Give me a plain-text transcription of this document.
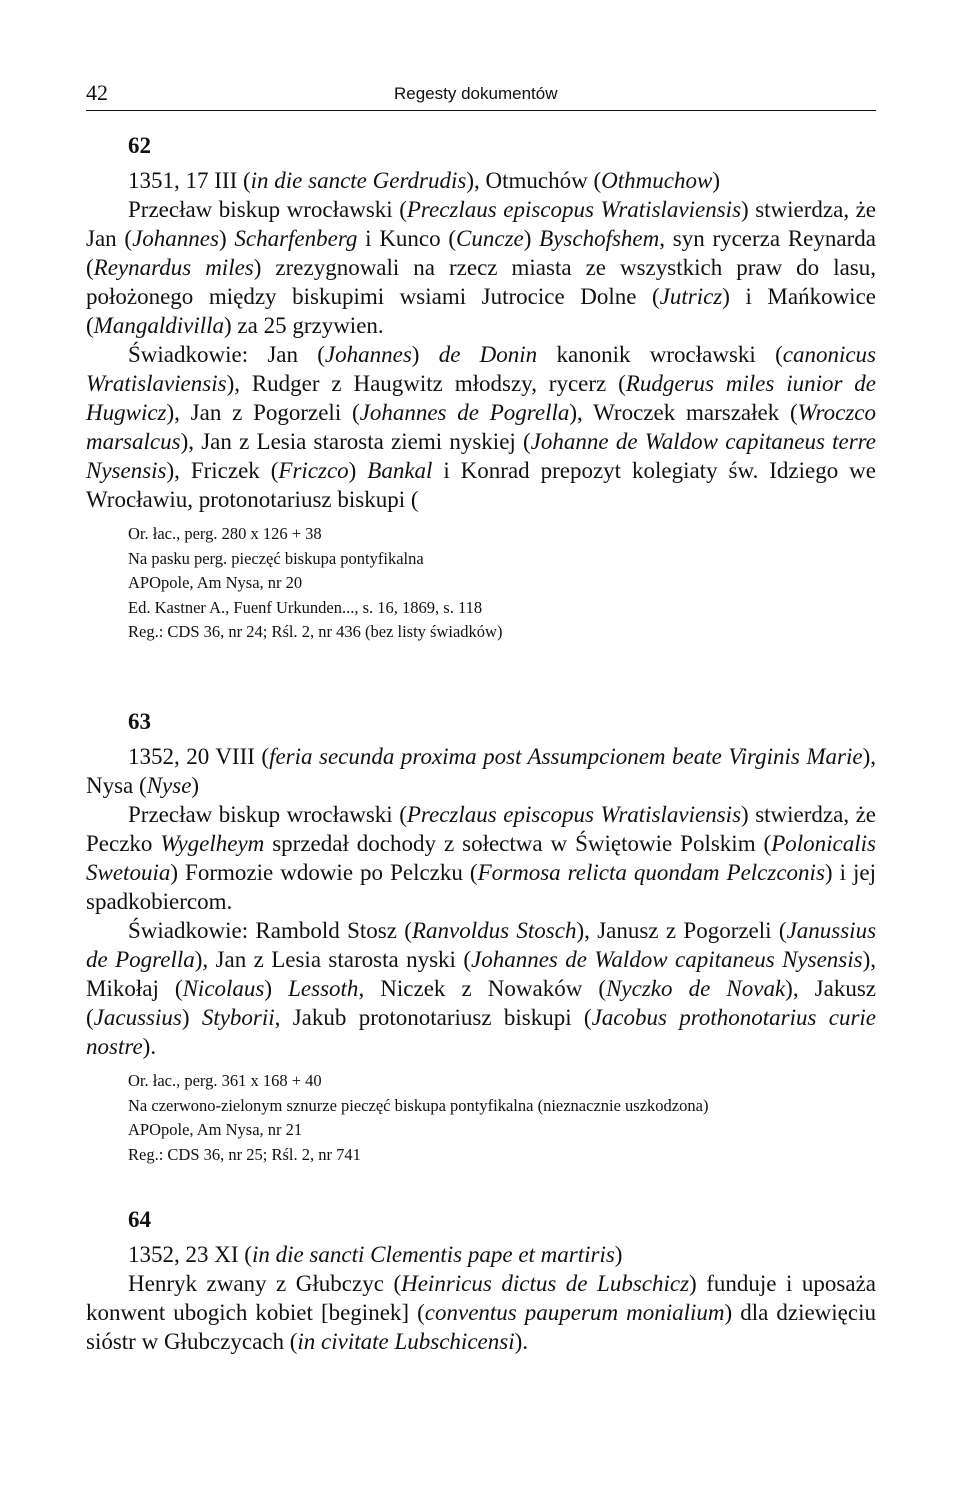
42	Regesty dokumentów
62

1351, 17 III (in die sancte Gerdrudis), Otmuchów (Othmuchow)

Przecław biskup wrocławski (Preczlaus episcopus Wratislaviensis) stwierdza, że Jan (Johannes) Scharfenberg i Kunco (Cuncze) Byschofshem, syn rycerza Reynarda (Reynardus miles) zrezygnowali na rzecz miasta ze wszystkich praw do lasu, położonego między biskupimi wsiami Jutrocice Dolne (Jutricz) i Mańkowice (Mangaldivilla) za 25 grzywien.

Świadkowie: Jan (Johannes) de Donin kanonik wrocławski (canonicus Wratislaviensis), Rudger z Haugwitz młodszy, rycerz (Rudgerus miles iunior de Hugwicz), Jan z Pogorzeli (Johannes de Pogrella), Wroczek marszałek (Wroczco marsalcus), Jan z Lesia starosta ziemi nyskiej (Johanne de Waldow capitaneus terre Nysensis), Friczek (Friczco) Bankal i Konrad prepozyt kolegiaty św. Idziego we Wrocławiu, protonotariusz biskupi (

Or. łac., perg. 280 x 126 + 38
Na pasku perg. pieczęć biskupa pontyfikalna
APOpole, Am Nysa, nr 20
Ed. Kastner A., Fuenf Urkunden..., s. 16, 1869, s. 118
Reg.: CDS 36, nr 24; Rśl. 2, nr 436 (bez listy świadków)
63

1352, 20 VIII (feria secunda proxima post Assumpcionem beate Virginis Marie), Nysa (Nyse)

Przecław biskup wrocławski (Preczlaus episcopus Wratislaviensis) stwierdza, że Peczko Wygelheym sprzedał dochody z sołectwa w Świętowie Polskim (Polonicalis Swetouia) Formozie wdowie po Pelczku (Formosa relicta quondam Pelczconis) i jej spadkobiercom.

Świadkowie: Rambold Stosz (Ranvoldus Stosch), Janusz z Pogorzeli (Janussius de Pogrella), Jan z Lesia starosta nyski (Johannes de Waldow capitaneus Nysensis), Mikołaj (Nicolaus) Lessoth, Niczek z Nowaków (Nyczko de Novak), Jakusz (Jacussius) Styborii, Jakub protonotariusz biskupi (Jacobus prothonotarius curie nostre).

Or. łac., perg. 361 x 168 + 40
Na czerwono-zielonym sznurze pieczęć biskupa pontyfikalna (nieznacznie uszkodzona)
APOpole, Am Nysa, nr 21
Reg.: CDS 36, nr 25; Rśl. 2, nr 741
64

1352, 23 XI (in die sancti Clementis pape et martiris)

Henryk zwany z Głubczyc (Heinricus dictus de Lubschicz) funduje i uposaża konwent ubogich kobiet [beginek] (conventus pauperum monialium) dla dziewięciu sióstr w Głubczycach (in civitate Lubschicensi).
